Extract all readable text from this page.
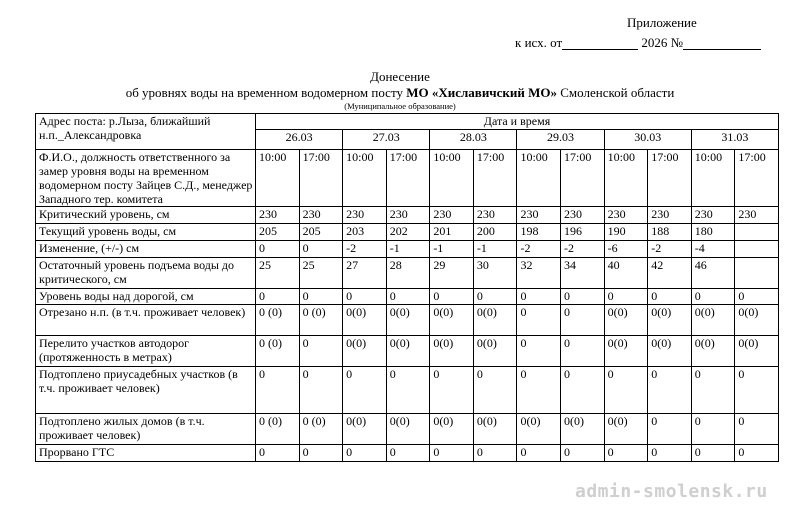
Приложение
к исх. от	2026 №
Донесение
об уровнях воды на временном водомерном посту МО «Хиславичский МО» Смоленской области
(Муниципальное образование)
Адрес поста: р.Лыза, ближайший н.п._Александровка	Дата и время											
	26.03		27.03		28.03		29.03		30.03		31.03	
Ф.И.О., должность ответственного за замер уровня воды на временном водомерном посту Зайцев С.Д., менеджер Западного тер. комитета	10:00	17:00	10:00	17:00	10:00	17:00	10:00	17:00	10:00	17:00	10:00	17:00
Критический уровень, см	230	230	230	230	230	230	230	230	230	230	230	230
Текущий уровень воды, см	205	205	203	202	201	200	198	196	190	188	180	
Изменение, (+/-) см	0	0	-2	-1	-1	-1	-2	-2	-6	-2	-4	
Остаточный уровень подъема воды до критического, см	25	25	27	28	29	30	32	34	40	42	46	
Уровень воды над дорогой, см	0	0	0	0	0	0	0	0	0	0	0	0
Отрезано н.п. (в т.ч. проживает человек)	0 (0)	0 (0)	0(0)	0(0)	0(0)	0(0)	0	0	0(0)	0(0)	0(0)	0(0)
Перелито участков автодорог (протяженность в метрах)	0 (0)	0	0(0)	0(0)	0(0)	0(0)	0	0	0(0)	0(0)	0(0)	0(0)
Подтоплено приусадебных участков (в т.ч. проживает человек)	0	0	0	0	0	0	0	0	0	0	0	0
Подтоплено жилых домов (в т.ч. проживает человек)	0 (0)	0 (0)	0(0)	0(0)	0(0)	0(0)	0(0)	0(0)	0(0)	0	0	0
Прорвано ГТС	0	0	0	0	0	0	0	0	0	0	0	0
admin-smolensk.ru
